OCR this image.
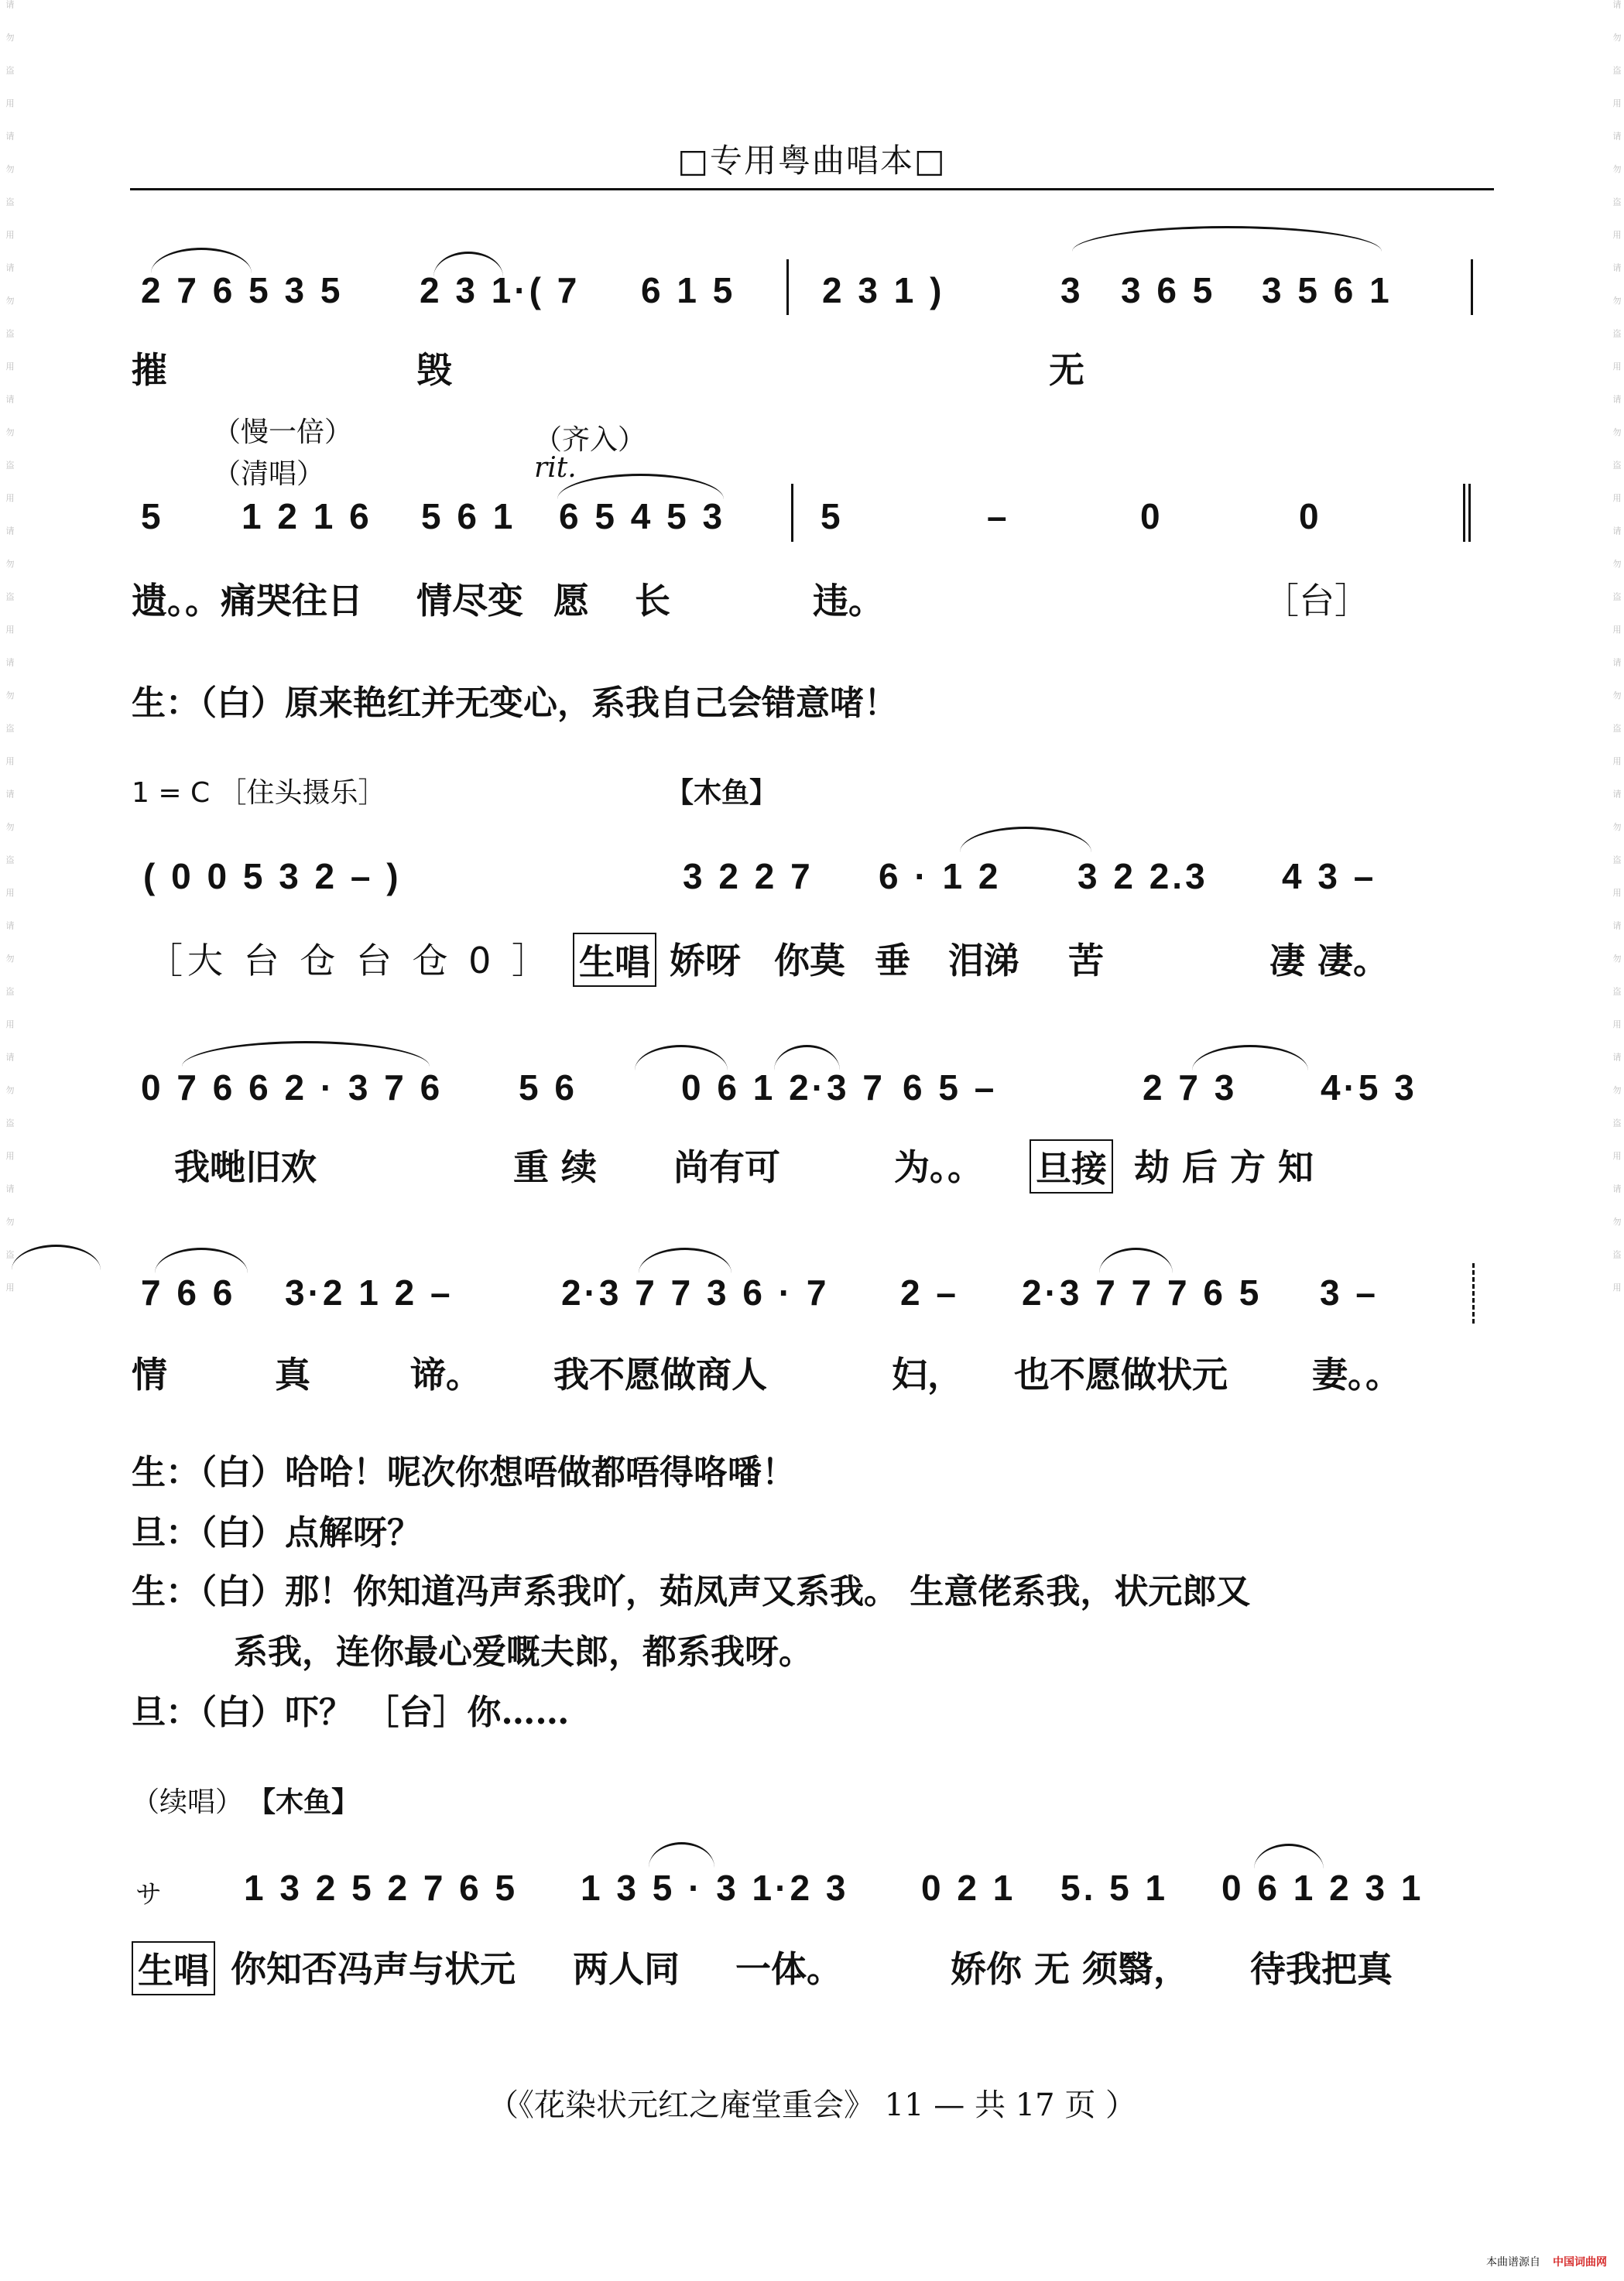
请 勿 盗 用 请 勿 盗 用 请 勿 盗 用 请 勿 盗 用 请 勿 盗 用 请 勿 盗 用 请 勿 盗 用 请 勿 盗 用 请 勿 盗 用 请 勿 盗 用	请 勿 盗 用 请 勿 盗 用 请 勿 盗 用 请 勿 盗 用 请 勿 盗 用 请 勿 盗 用 请 勿 盗 用 请 勿 盗 用 请 勿 盗 用 请 勿 盗 用
□专用粤曲唱本□
2 7 6 5 3 5 2 3 1·( 7 6 1 5 2 3 1 )	3 3 6 5 3 5 6 1
摧	毁	无
（慢一倍）	（齐入）
（清唱）	rit.
5 1 2 1 6 5 6 1 6 5 4 5 3	5	–	0	0
遗。。痛哭往日 情尽变 愿 长	违。	［台］
生：（白）原来艳红并无变心，系我自己会错意啫！
1 = C ［住头摄乐］	【木鱼】
( 0 0 5 3 2 – )	3 2 2 7 6 · 1 2 3 2 2.3 4 3 –
［大 台 仓 台 仓 0 ］ 生唱 娇呀 你莫 垂 泪涕 苦	凄 凄。
0 7 6 6 2 · 3 7 6 5 6	0 6 1 2·3 7 6 5 –	2 7 3 4·5 3
我哋旧欢	重 续 尚有可	为。。 旦接 劫 后 方 知
7 6 6 3·2 1 2 –	2·3 7 7 3 6 · 7 2 – 2·3 7 7 7 6 5 3 –
情	真	谛。 我不愿做商人	妇， 也不愿做状元 妻。。
生：（白）哈哈！呢次你想唔做都唔得咯噃！
旦：（白）点解呀？
生：（白）那！你知道冯声系我吖，茹凤声又系我。 生意佬系我，状元郎又
　　　系我，连你最心爱嘅夫郎，都系我呀。
旦：（白）吓？ ［台］你……
（续唱） 【木鱼】
サ 1 3 2 5 2 7 6 5 1 3 5 · 3 1·2 3 0 2 1 5. 5 1 0 6 1 2 3 1
生唱 你知否冯声与状元 两人同 一体。	娇你 无 须翳， 待我把真
（《花染状元红之庵堂重会》 11 — 共 17 页 ）
本曲谱源自 中国词曲网
